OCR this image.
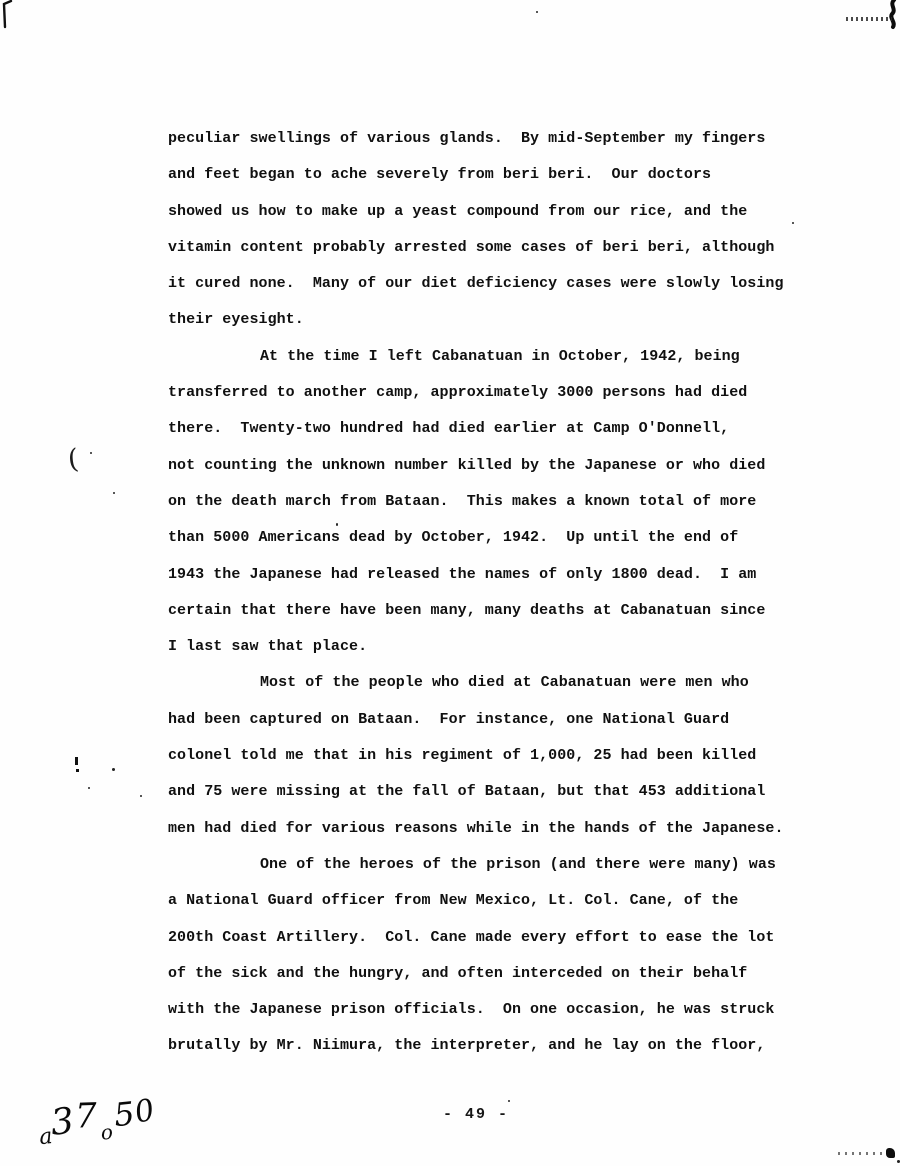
peculiar swellings of various glands.  By mid-September my fingers
and feet began to ache severely from beri beri.  Our doctors
showed us how to make up a yeast compound from our rice, and the
vitamin content probably arrested some cases of beri beri, although
it cured none.  Many of our diet deficiency cases were slowly losing
their eyesight.
At the time I left Cabanatuan in October, 1942, being
transferred to another camp, approximately 3000 persons had died
there.  Twenty-two hundred had died earlier at Camp O'Donnell,
not counting the unknown number killed by the Japanese or who died
on the death march from Bataan.  This makes a known total of more
than 5000 Americans dead by October, 1942.  Up until the end of
1943 the Japanese had released the names of only 1800 dead.  I am
certain that there have been many, many deaths at Cabanatuan since
I last saw that place.
Most of the people who died at Cabanatuan were men who
had been captured on Bataan.  For instance, one National Guard
colonel told me that in his regiment of 1,000, 25 had been killed
and 75 were missing at the fall of Bataan, but that 453 additional
men had died for various reasons while in the hands of the Japanese.
One of the heroes of the prison (and there were many) was
a National Guard officer from New Mexico, Lt. Col. Cane, of the
200th Coast Artillery.  Col. Cane made every effort to ease the lot
of the sick and the hungry, and often interceded on their behalf
with the Japanese prison officials.  On one occasion, he was struck
brutally by Mr. Niimura, the interpreter, and he lay on the floor,
- 49 -
a37o50
(
